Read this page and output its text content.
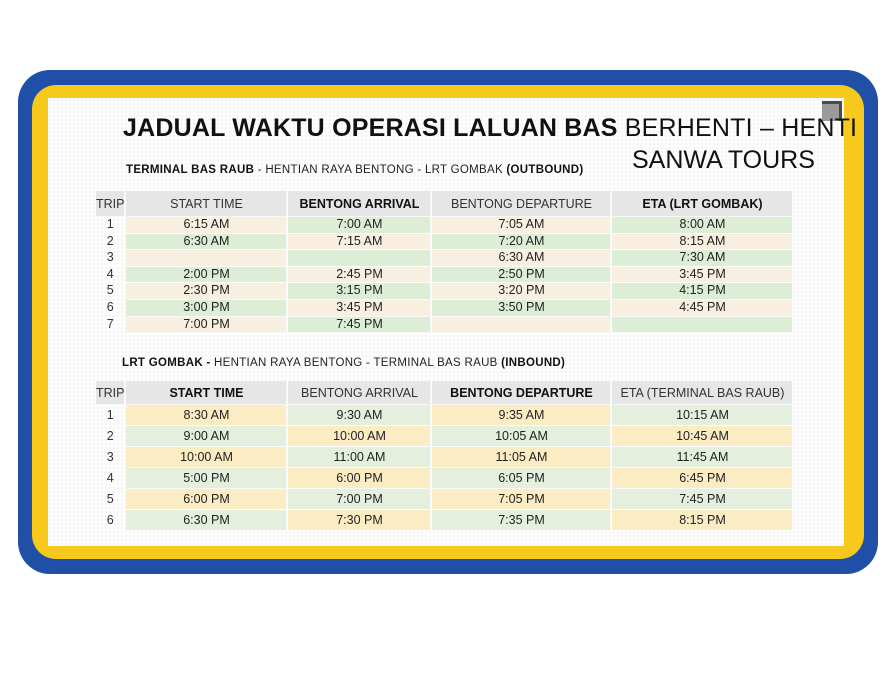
JADUAL WAKTU OPERASI LALUAN BAS BERHENTI – HENTI

SANWA TOURS

TERMINAL BAS RAUB - HENTIAN RAYA BENTONG - LRT GOMBAK (OUTBOUND)

TRIP	START TIME	BENTONG ARRIVAL	BENTONG DEPARTURE	ETA (LRT GOMBAK)
1	6:15 AM	7:00 AM	7:05 AM	8:00 AM
2	6:30 AM	7:15 AM	7:20 AM	8:15 AM
3			6:30 AM	7:30 AM
4	2:00 PM	2:45 PM	2:50 PM	3:45 PM
5	2:30 PM	3:15 PM	3:20 PM	4:15 PM
6	3:00 PM	3:45 PM	3:50 PM	4:45 PM
7	7:00 PM	7:45 PM		

LRT GOMBAK - HENTIAN RAYA BENTONG - TERMINAL BAS RAUB (INBOUND)

TRIP	START TIME	BENTONG ARRIVAL	BENTONG DEPARTURE	ETA (TERMINAL BAS RAUB)
1	8:30 AM	9:30 AM	9:35 AM	10:15 AM
2	9:00 AM	10:00 AM	10:05 AM	10:45 AM
3	10:00 AM	11:00 AM	11:05 AM	11:45 AM
4	5:00 PM	6:00 PM	6:05 PM	6:45 PM
5	6:00 PM	7:00 PM	7:05 PM	7:45 PM
6	6:30 PM	7:30 PM	7:35 PM	8:15 PM
